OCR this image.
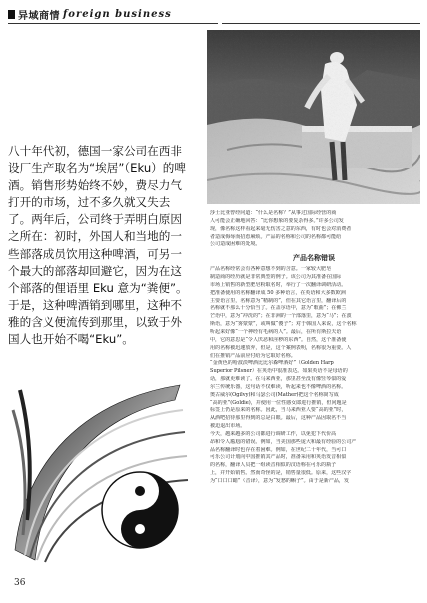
异域商情 foreign business
八十年代初，德国一家公司在西非
设厂生产取名为“埃居”（Eku）的啤
酒。销售形势始终不妙，费尽力气
打开的市场，过不多久就又失去
了。两年后，公司终于弄明白原因
之所在：初时，外国人和当地的一
些部落成员饮用这种啤酒，可另一
个最大的部落却回避它，因为在这
个部落的俚语里 Eku 意为“粪便”。
于是，这种啤酒销到哪里，这种不
雅的含义便流传到那里，以致于外
国人也开始不喝“Eku”。
莎士比亚曾经问道：“什么是名称？”从事过国际经营的商
人可能会正确地回答：“比你想象的要复杂得多。”许多公司发
现，像名称这样看起来毫无伤害之意的东西，有时也会对消费者
者造成侮辱而招惹麻烦。产品的名称和公司的名称都可能给
公司造成困难的处境。
产品名称错误
产品名称经常会有各种意想不到的含意。一家较大肥皂
制造商的经历就是非常典型的例子。该公司为其准备在国际
市场上销售的新型肥皂粉取名时，举行了一次翻译调研活动。
把准备使用的名称翻译成 50 多种语言，在英语和大多数欧洲
主要语言里，名称意为“精制的”，但在其它语言里，翻译后的
名称就不那么十分恰当了。在盖尔语中，意为“歌曲”；在佛兰
芒语中，意为“冲洗的”；在非洲的一个部落里，意为“马”；在波
斯语，意为“雾蒙蒙”，或叫做“傻子”；对于韩国人来说，这个名称
听起来好像“一个神经有毛病的人”。最后，在所有斯拉夫语
中，它的意思是“令人厌恶和淫秽的东西”。自然，这个准备使
用的名称被迅速放弃，但是，这个案例表明，名称很为重要。人
们在推销产品前应付给为它取好名称。
“金黄色的哈波淡啤酒比比尔森啤酒好”（Golden Harp
Superior Pilsner）在英语中很准表达。如果英语不是母语的
话，那就更难读了。在马来西亚，那里甚至没有像竖琴似的爱
尔兰传统乐器，这句话不仅难读，听起来也不像啤酒的名称。
奥古威尔(Ogilvy)和马瑟公司(Mather)把这个名称简写成
“高的亚”(Goldie)，并使用一位性感女郎进行推销，但问题是
标签上仍是原来的名称。因此，当马来西亚人要“高的亚”时，
从酒吧招待那里得到的总是白眼。最后，这种产品因取名不当
被迫退出市场。
今天，越来越多的公司都进行调研工作，以免犯下代价高
昂和令人尴尬的错误。例如，当美国那些庞大和最有经验的公司产
品名称翻译时也存在着困难。例如，在世纪二十年代，当可口
可乐公司计划向中国推销其产品时，准备采用和英语发音相似
的名称，翻译人员把一组读音相似的汉语称在可乐的瓶子
上，并开始销售。然而奇怪的是，销售量很低。原来，这些汉字
为“口口口蜡”（音译），意为“发愁的蝌子”。由于是新产品，发
36
